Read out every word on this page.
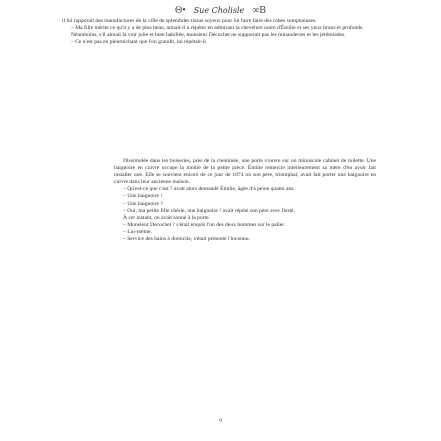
Θ• Sue Cholisle ∞Β

il lui rapporait des manufactures de la ville de splendides tissus soyeux pour lui faire faire des robes somptueuses.

– Ma fille mérite ce qu'il y a de plus beau, aimait-il à répéter en admirant la chevelure noire d'Émilie et ses yeux bruns et profonds.

Néanmoins, s'il aimait la voir jolie et bien habillée, monsieur Décochet ne supportait pas les minauderies et les jérémiades.

– Ce n'est pas en pleurnichant que l'on grandit, lui répétait-il.

Dissimulée dans les boiseries, près de la cheminée, une porte s'ouvre sur un minuscule cabinet de toilette. Une baignoire en cuivre occupe la moitié de la petite pièce. Émilie remercie intérieurement sa mère d'en avoir fait installer une. Elle se souvient encore de ce jour de 1874 où son père, triomphal, avait fait porter une baignoire en cuivre dans leur ancienne maison.

– Qu'est-ce que c'est ? avait alors demandé Émilie, âgée d'à peine quatre ans.

– Une baignoire !

– Une baignoire ?

– Oui, ma petite fille chérie, une baignoire ! avait répété son père avec fierté.

À cet instant, on avait sonné à la porte.

– Monsieur Décochet ? s'était enquis l'un des deux hommes sur le palier.

– Lui-même.

– Service des bains à domicile, s'était présenté l'inconnu.

9
